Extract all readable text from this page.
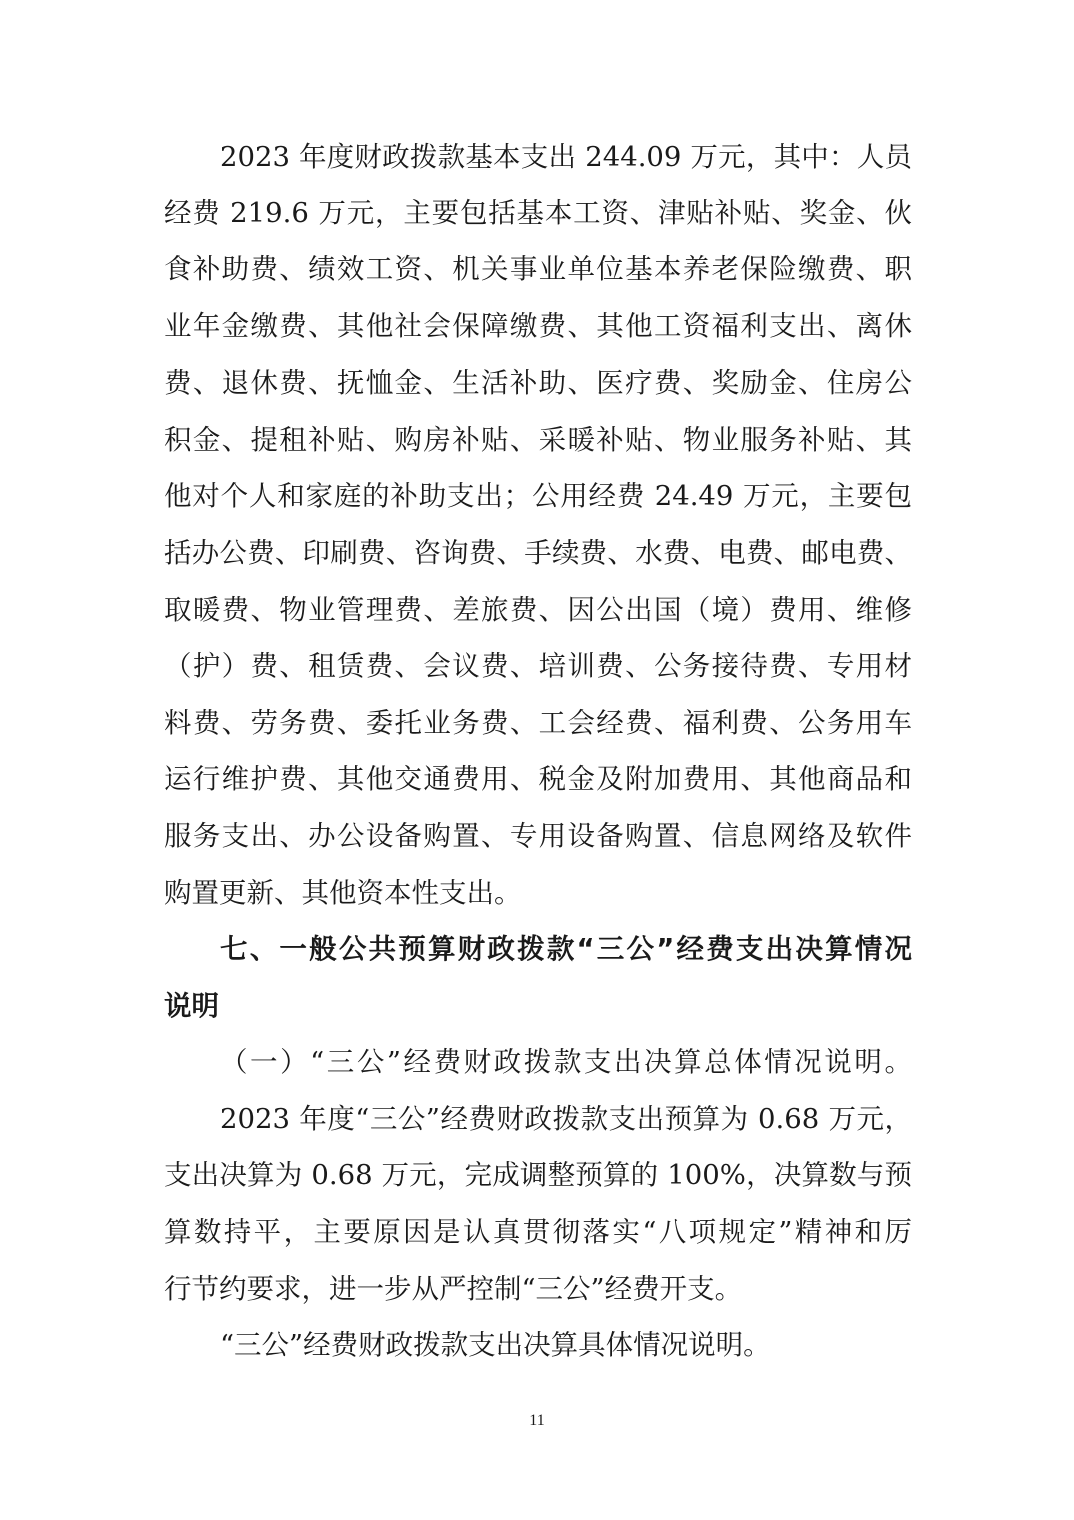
2023 年度财政拨款基本支出 244.09 万元，其中：人员

经费 219.6 万元，主要包括基本工资、津贴补贴、奖金、伙

食补助费、绩效工资、机关事业单位基本养老保险缴费、职

业年金缴费、其他社会保障缴费、其他工资福利支出、离休

费、退休费、抚恤金、生活补助、医疗费、奖励金、住房公

积金、提租补贴、购房补贴、采暖补贴、物业服务补贴、其

他对个人和家庭的补助支出；公用经费 24.49 万元，主要包

括办公费、印刷费、咨询费、手续费、水费、电费、邮电费、

取暖费、物业管理费、差旅费、因公出国（境）费用、维修

（护）费、租赁费、会议费、培训费、公务接待费、专用材

料费、劳务费、委托业务费、工会经费、福利费、公务用车

运行维护费、其他交通费用、税金及附加费用、其他商品和

服务支出、办公设备购置、专用设备购置、信息网络及软件

购置更新、其他资本性支出。

七、一般公共预算财政拨款“三公”经费支出决算情况

说明

（一）“三公”经费财政拨款支出决算总体情况说明。

2023 年度“三公”经费财政拨款支出预算为 0.68 万元，

支出决算为 0.68 万元，完成调整预算的 100%，决算数与预

算数持平，主要原因是认真贯彻落实“八项规定”精神和厉

行节约要求，进一步从严控制“三公”经费开支。

“三公”经费财政拨款支出决算具体情况说明。

11
